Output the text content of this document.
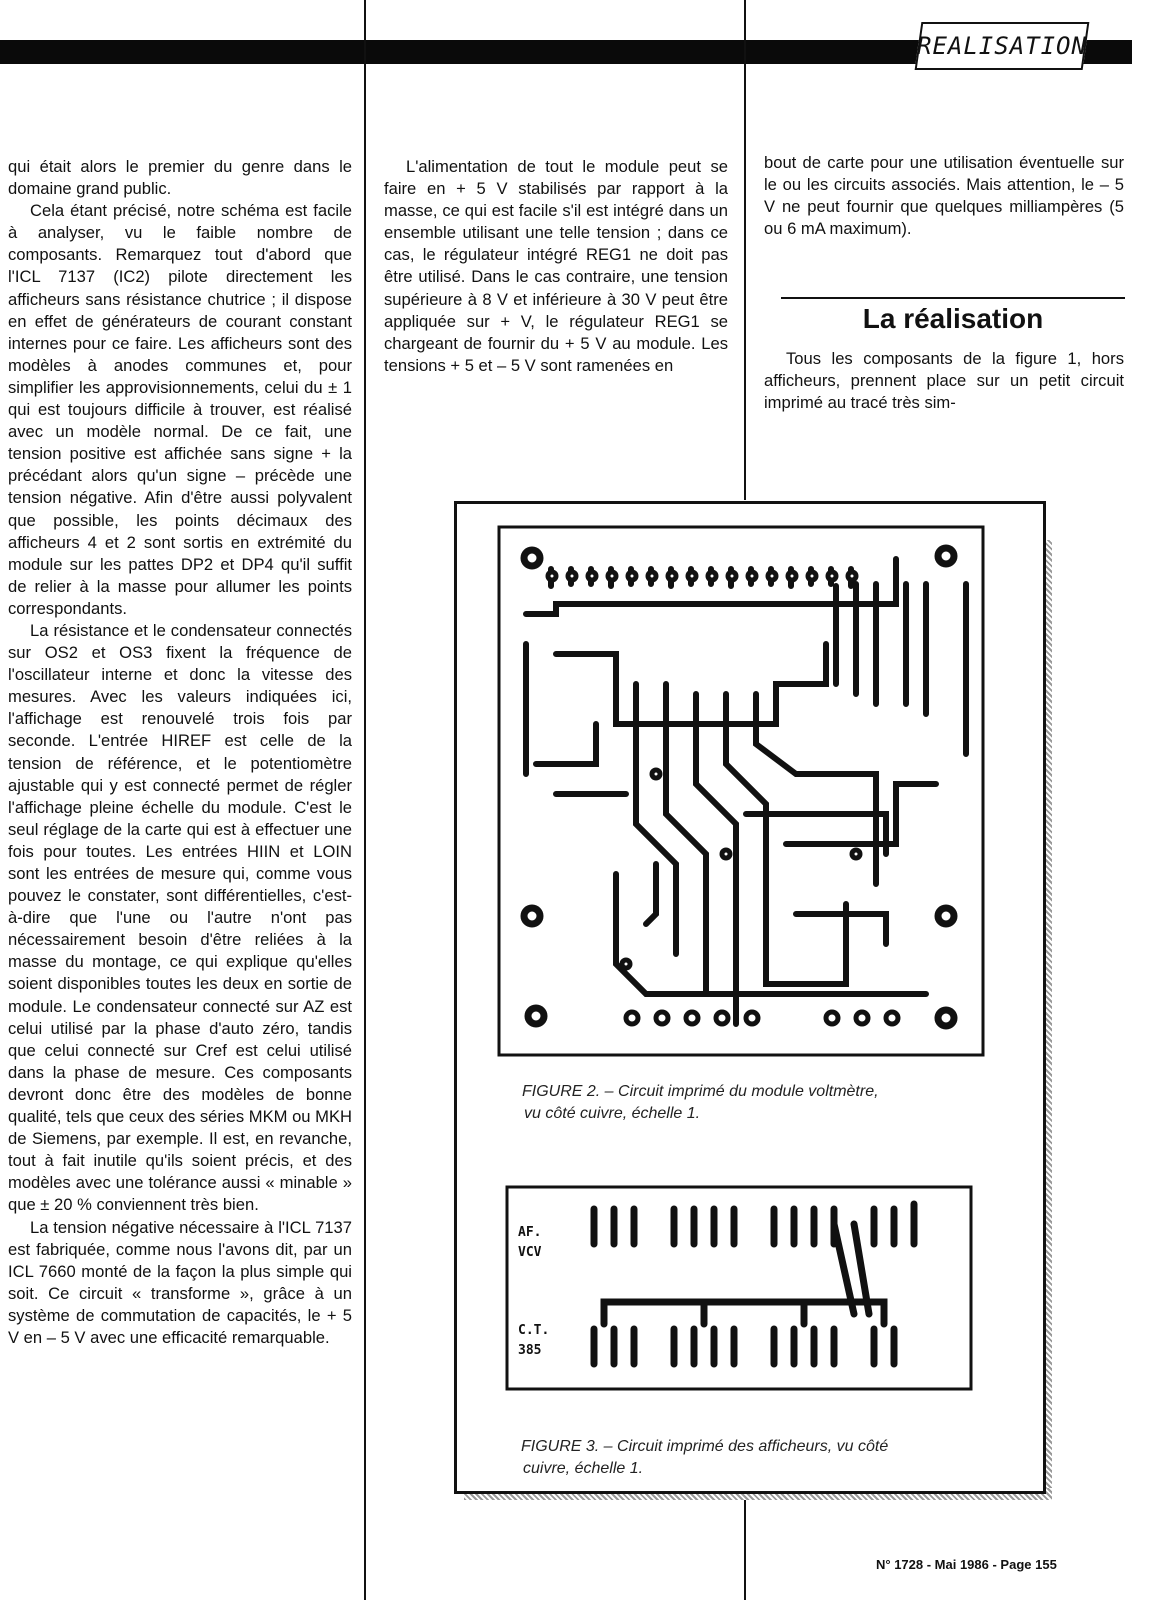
REALISATION

qui était alors le premier du genre dans le domaine grand public.

Cela étant précisé, notre schéma est facile à analyser, vu le faible nombre de composants. Remarquez tout d'abord que l'ICL 7137 (IC2) pilote directement les afficheurs sans résistance chutrice ; il dispose en effet de générateurs de courant constant internes pour ce faire. Les afficheurs sont des modèles à anodes communes et, pour simplifier les approvisionnements, celui du ± 1 qui est toujours difficile à trouver, est réalisé avec un modèle normal. De ce fait, une tension positive est affichée sans signe + la précédant alors qu'un signe – précède une tension négative. Afin d'être aussi polyvalent que possible, les points décimaux des afficheurs 4 et 2 sont sortis en extrémité du module sur les pattes DP2 et DP4 qu'il suffit de relier à la masse pour allumer les points correspondants.

La résistance et le condensateur connectés sur OS2 et OS3 fixent la fréquence de l'oscillateur interne et donc la vitesse des mesures. Avec les valeurs indiquées ici, l'affichage est renouvelé trois fois par seconde. L'entrée HIREF est celle de la tension de référence, et le potentiomètre ajustable qui y est connecté permet de régler l'affichage pleine échelle du module. C'est le seul réglage de la carte qui est à effectuer une fois pour toutes. Les entrées HIIN et LOIN sont les entrées de mesure qui, comme vous pouvez le constater, sont différentielles, c'est-à-dire que l'une ou l'autre n'ont pas nécessairement besoin d'être reliées à la masse du montage, ce qui explique qu'elles soient disponibles toutes les deux en sortie de module. Le condensateur connecté sur AZ est celui utilisé par la phase d'auto zéro, tandis que celui connecté sur Cref est celui utilisé dans la phase de mesure. Ces composants devront donc être des modèles de bonne qualité, tels que ceux des séries MKM ou MKH de Siemens, par exemple. Il est, en revanche, tout à fait inutile qu'ils soient précis, et des modèles avec une tolérance aussi « minable » que ± 20 % conviennent très bien.

La tension négative nécessaire à l'ICL 7137 est fabriquée, comme nous l'avons dit, par un ICL 7660 monté de la façon la plus simple qui soit. Ce circuit « transforme », grâce à un système de commutation de capacités, le + 5 V en – 5 V avec une efficacité remarquable.

L'alimentation de tout le module peut se faire en + 5 V stabilisés par rapport à la masse, ce qui est facile s'il est intégré dans un ensemble utilisant une telle tension ; dans ce cas, le régulateur intégré REG1 ne doit pas être utilisé. Dans le cas contraire, une tension supérieure à 8 V et inférieure à 30 V peut être appliquée sur + V, le régulateur REG1 se chargeant de fournir du + 5 V au module. Les tensions + 5 et – 5 V sont ramenées en

bout de carte pour une utilisation éventuelle sur le ou les circuits associés. Mais attention, le – 5 V ne peut fournir que quelques milliampères (5 ou 6 mA maximum).

La réalisation

Tous les composants de la figure 1, hors afficheurs, prennent place sur un petit circuit imprimé au tracé très sim-

FIGURE 2. – Circuit imprimé du module voltmètre,
vu côté cuivre, échelle 1.
AF.
VCV
C.T.
385
FIGURE 3. – Circuit imprimé des afficheurs, vu côté
cuivre, échelle 1.
N° 1728 - Mai 1986 - Page 155
